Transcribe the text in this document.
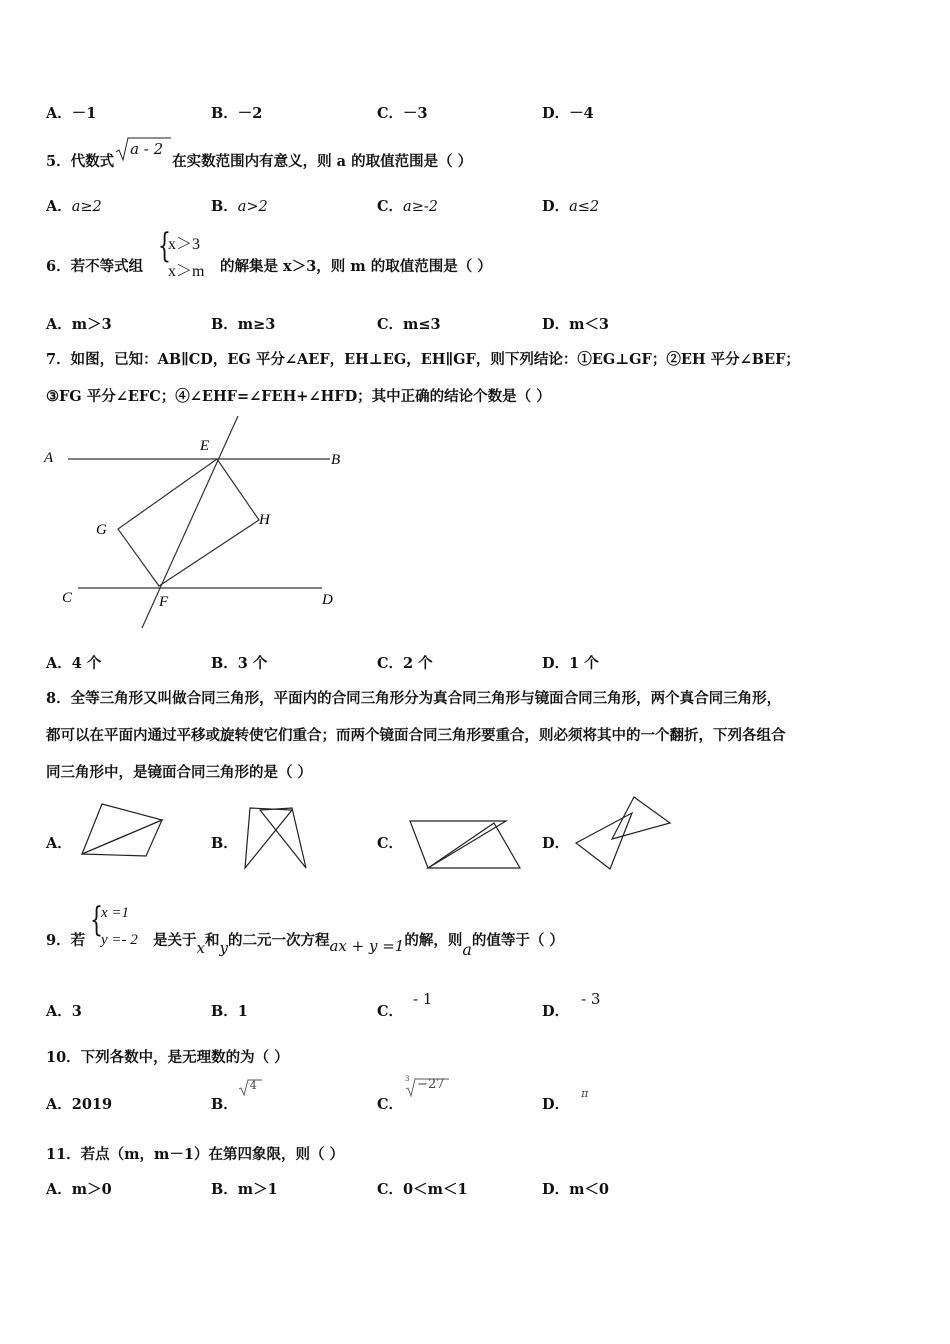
A．－1	B．－2	C．－3	D．－4
5．代数式
a - 2
在实数范围内有意义，则 a 的取值范围是（ ）
A．a≥2	B．a>2	C．a≥-2	D．a≤2
6．若不等式组
{
x＞3
x＞m 的解集是 x＞3，则 m 的取值范围是（ ）
A．m＞3	B．m≥3	C．m≤3	D．m＜3
7．如图，已知：AB∥CD，EG 平分∠AEF，EH⊥EG，EH∥GF，则下列结论：①EG⊥GF；②EH 平分∠BEF；
③FG 平分∠EFC；④∠EHF=∠FEH+∠HFD；其中正确的结论个数是（ ）
A	B
C	D
E
F
G
H
A．4 个	B．3 个	C．2 个	D．1 个
8．全等三角形又叫做合同三角形，平面内的合同三角形分为真合同三角形与镜面合同三角形，两个真合同三角形，
都可以在平面内通过平移或旋转使它们重合；而两个镜面合同三角形要重合，则必须将其中的一个翻折，下列各组合
同三角形中，是镜面合同三角形的是（ ）
A．	B．	C．	D．
9．若
{
x =1
y =- 2 是关于x和y的二元一次方程ax + y =1的解，则a的值等于（ ）
A．3	B．1	C．- 1
D．- 3
10．下列各数中，是无理数的为（ ）
A．2019	B．
4
C．
3 −27
D．$^\pi$
11．若点（m，m－1）在第四象限，则（ ）
A．m＞0	B．m＞1	C．0＜m＜1	D．m＜0
